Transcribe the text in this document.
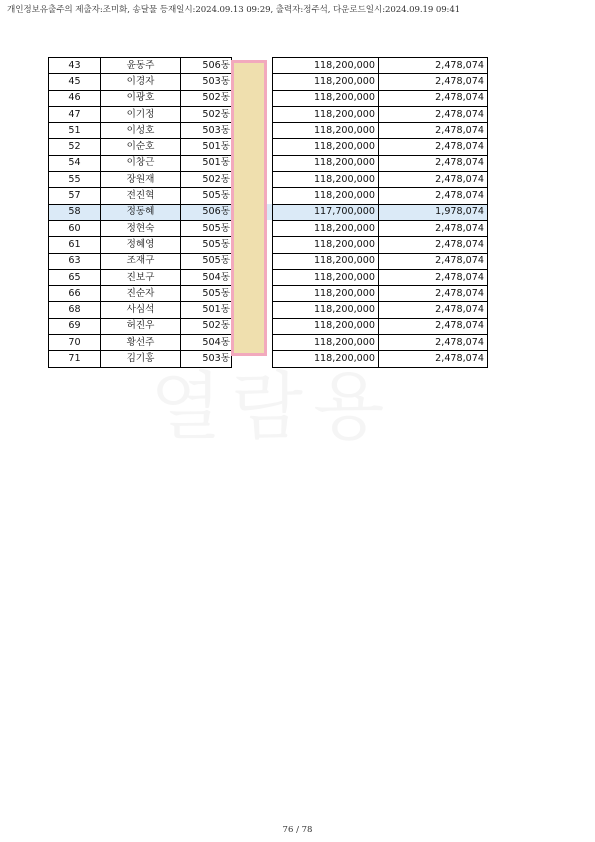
개인정보유출주의 제출자:조미화, 송달물 등재일시:2024.09.13 09:29, 출력자:정주석, 다운로드일시:2024.09.19 09:41
43	윤동주	506동		118,200,000	2,478,074
45	이경자	503동		118,200,000	2,478,074
46	이광호	502동		118,200,000	2,478,074
47	이기정	502동		118,200,000	2,478,074
51	이성호	503동		118,200,000	2,478,074
52	이순호	501동		118,200,000	2,478,074
54	이창근	501동		118,200,000	2,478,074
55	장원재	502동		118,200,000	2,478,074
57	전진혁	505동		118,200,000	2,478,074
58	정동혜	506동		117,700,000	1,978,074
60	정현숙	505동		118,200,000	2,478,074
61	정혜영	505동		118,200,000	2,478,074
63	조재구	505동		118,200,000	2,478,074
65	진보구	504동		118,200,000	2,478,074
66	진순자	505동		118,200,000	2,478,074
68	사심석	501동		118,200,000	2,478,074
69	허진우	502동		118,200,000	2,478,074
70	황선주	504동		118,200,000	2,478,074
71	김기홍	503동		118,200,000	2,478,074
76 / 78
